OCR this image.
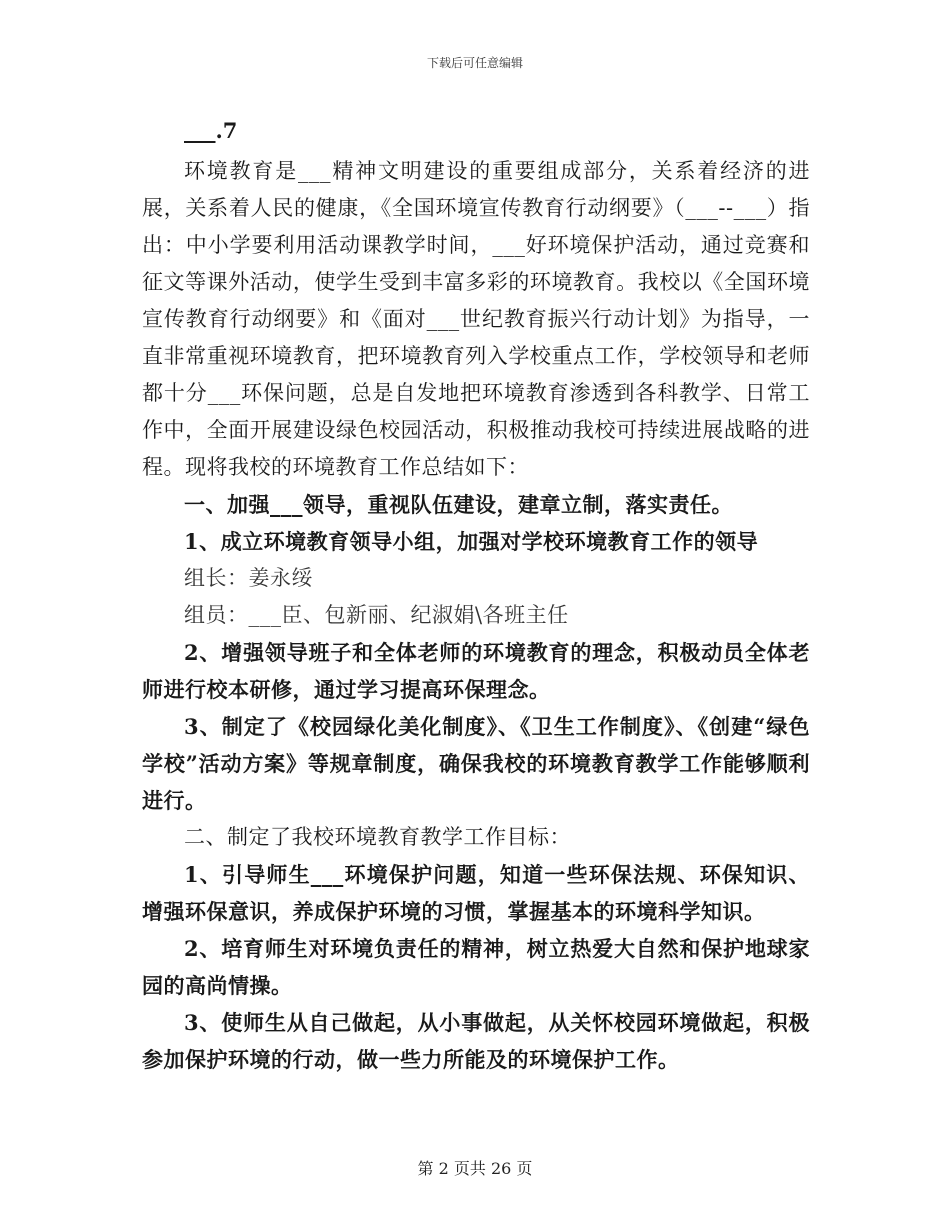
下载后可任意编辑
___.7

环境教育是___精神文明建设的重要组成部分，关系着经济的进展，关系着人民的健康，《全国环境宣传教育行动纲要》（___--___）指出：中小学要利用活动课教学时间，___好环境保护活动，通过竞赛和征文等课外活动，使学生受到丰富多彩的环境教育。我校以《全国环境宣传教育行动纲要》和《面对___世纪教育振兴行动计划》为指导，一直非常重视环境教育，把环境教育列入学校重点工作，学校领导和老师都十分___环保问题，总是自发地把环境教育渗透到各科教学、日常工作中，全面开展建设绿色校园活动，积极推动我校可持续进展战略的进程。现将我校的环境教育工作总结如下：

一、加强___领导，重视队伍建设，建章立制，落实责任。

1、成立环境教育领导小组，加强对学校环境教育工作的领导

组长：姜永绥

组员：___臣、包新丽、纪淑娟\各班主任

2、增强领导班子和全体老师的环境教育的理念，积极动员全体老师进行校本研修，通过学习提高环保理念。

3、制定了《校园绿化美化制度》、《卫生工作制度》、《创建“绿色学校”活动方案》等规章制度，确保我校的环境教育教学工作能够顺利进行。

二、制定了我校环境教育教学工作目标：

1、引导师生___环境保护问题，知道一些环保法规、环保知识、增强环保意识，养成保护环境的习惯，掌握基本的环境科学知识。

2、培育师生对环境负责任的精神，树立热爱大自然和保护地球家园的高尚情操。

3、使师生从自己做起，从小事做起，从关怀校园环境做起，积极参加保护环境的行动，做一些力所能及的环境保护工作。

第 2 页共 26 页
